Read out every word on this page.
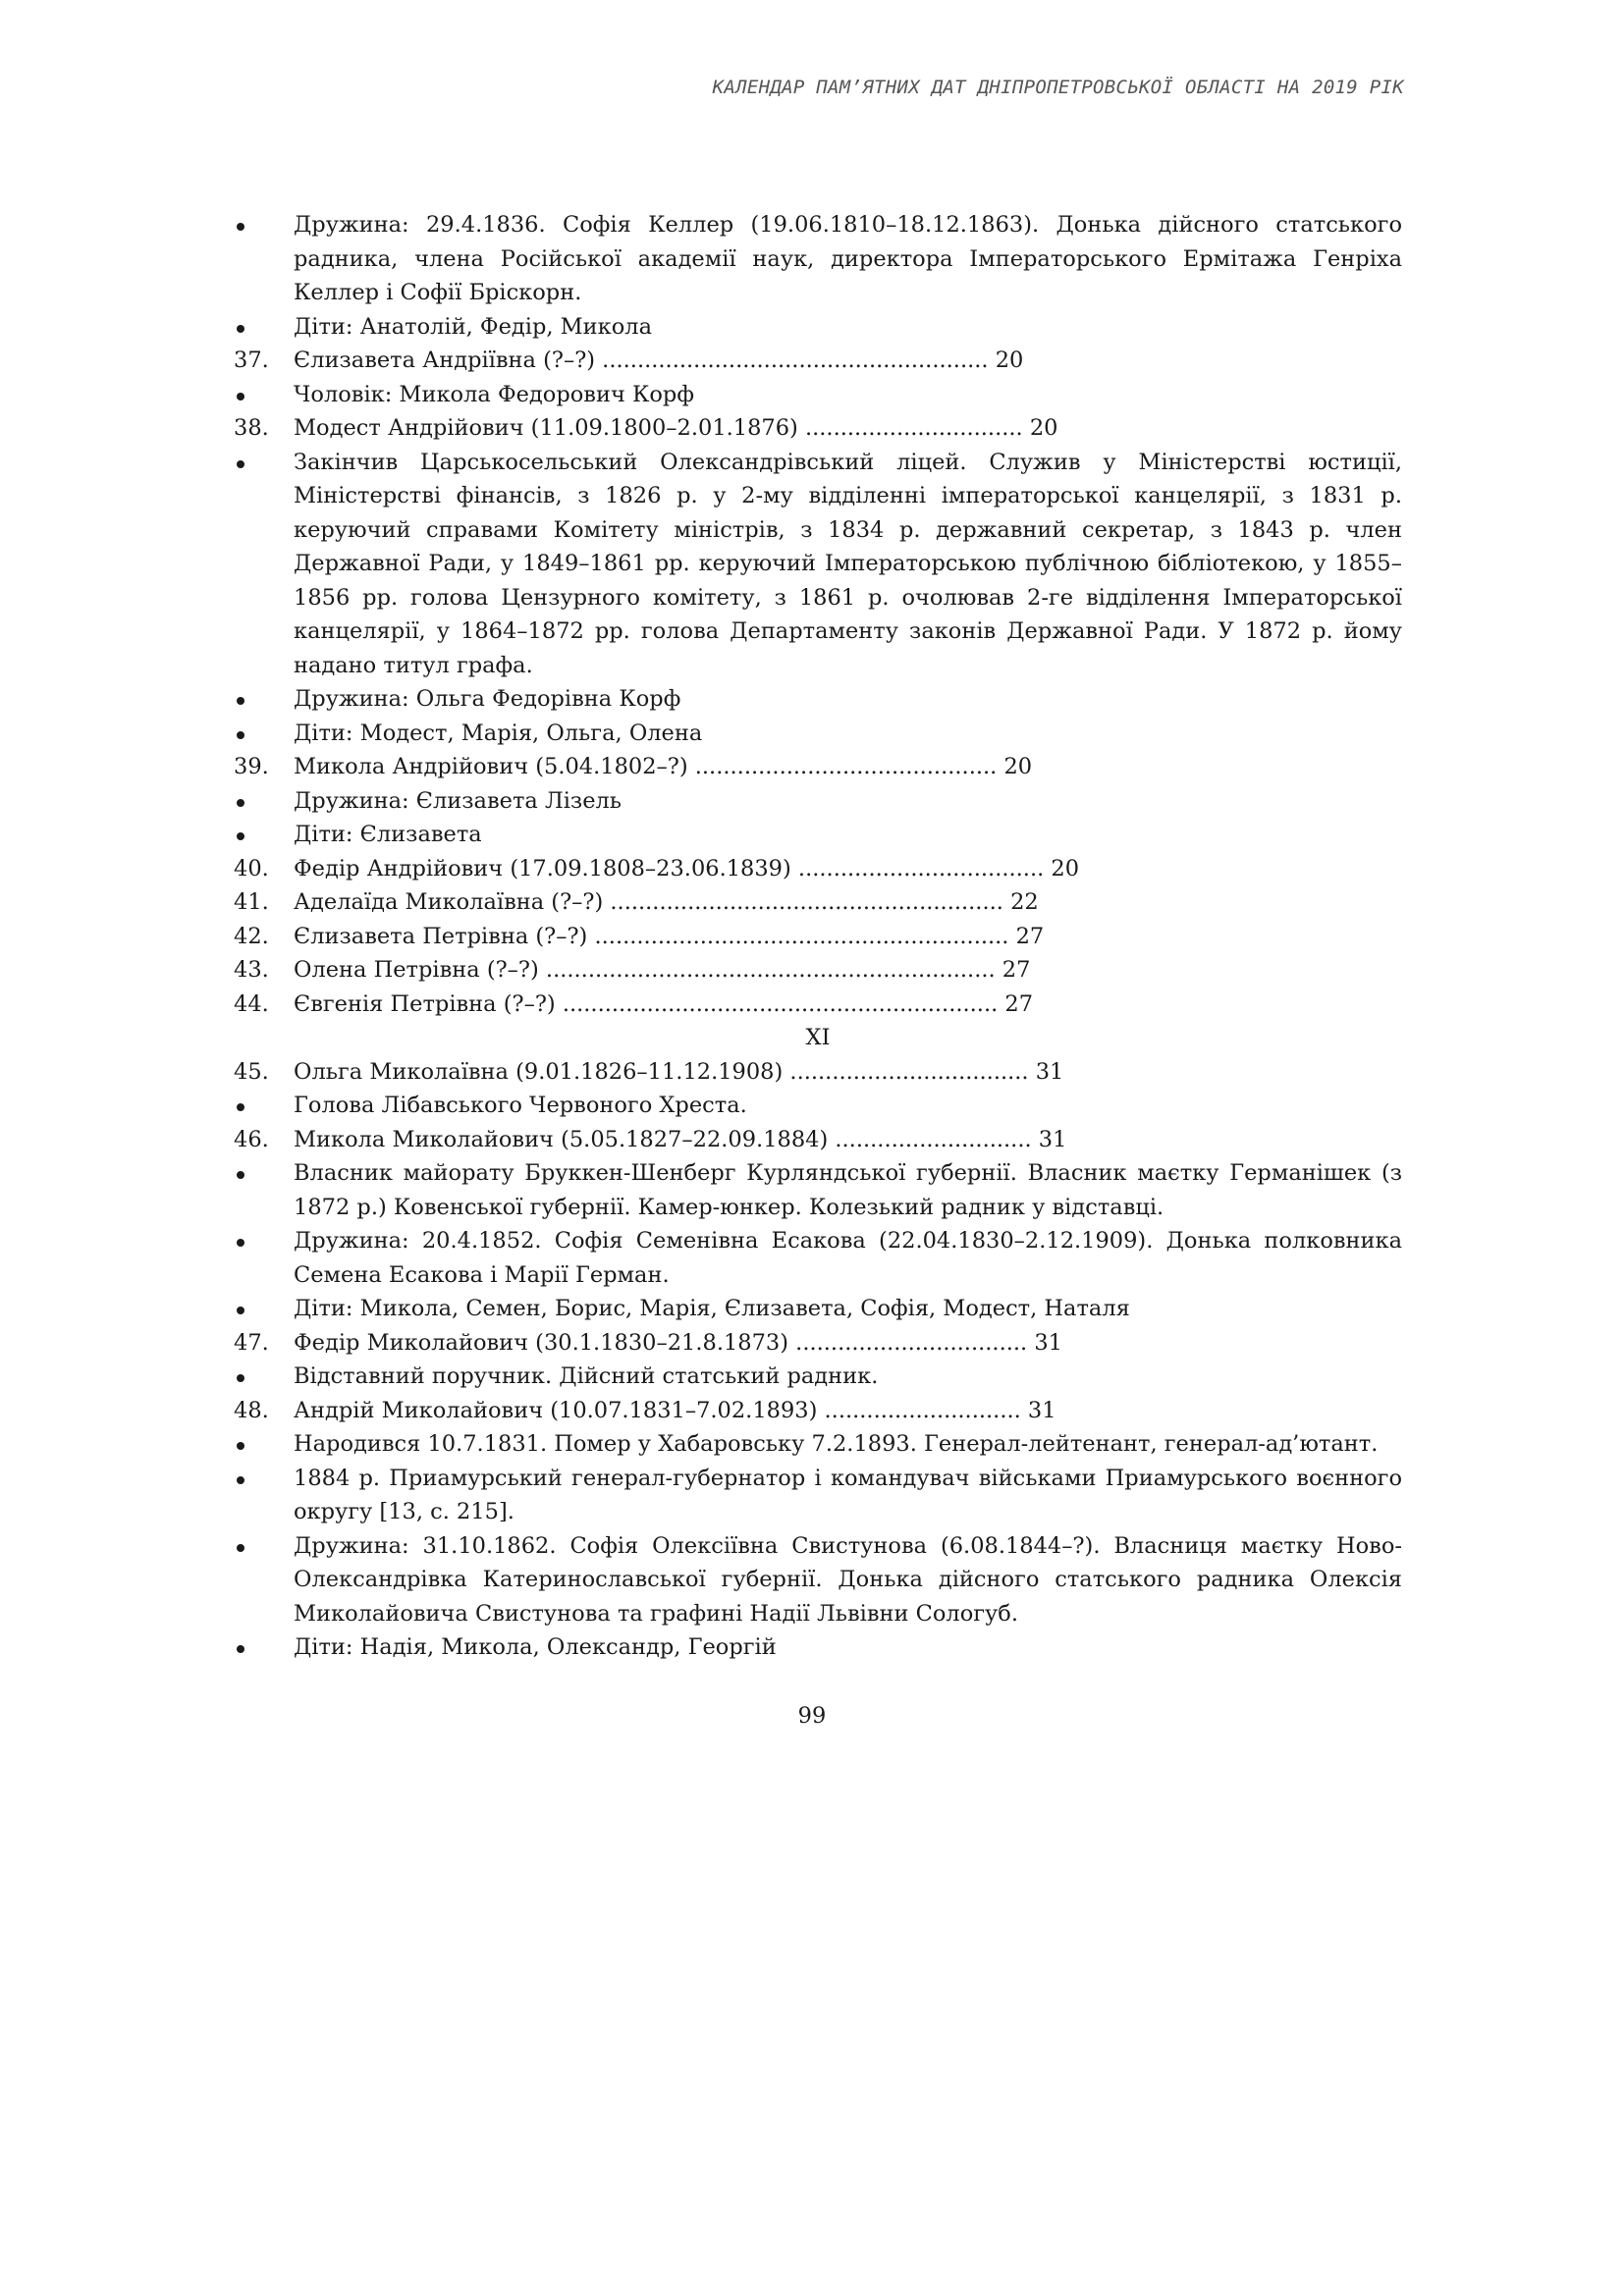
КАЛЕНДАР ПАМ’ЯТНИХ ДАТ ДНІПРОПЕТРОВСЬКОЇ ОБЛАСТІ НА 2019 РІК
Дружина: 29.4.1836. Софія Келлер (19.06.1810–18.12.1863). Донька дійсного статського радника, члена Російської академії наук, директора Імператорського Ермітажа Генріха Келлер і Софії Бріскорн.
Діти: Анатолій, Федір, Микола
37.	Єлизавета Андріївна (?–?) ....................................................... 20
Чоловік: Микола Федорович Корф
38.	Модест Андрійович (11.09.1800–2.01.1876) ............................... 20
Закінчив Царськосельський Олександрівський ліцей. Служив у Міністерстві юстиції, Міністерстві фінансів, з 1826 р. у 2-му відділенні імператорської канцелярії, з 1831 р. керуючий справами Комітету міністрів, з 1834 р. державний секретар, з 1843 р. член Державної Ради, у 1849–1861 рр. керуючий Імператорською публічною бібліотекою, у 1855–1856 рр. голова Цензурного комітету, з 1861 р. очолював 2-ге відділення Імператорської канцелярії, у 1864–1872 рр. голова Департаменту законів Державної Ради. У 1872 р. йому надано титул графа.
Дружина: Ольга Федорівна Корф
Діти: Модест, Марія, Ольга, Олена
39.	Микола Андрійович (5.04.1802–?) ........................................... 20
Дружина: Єлизавета Лізель
Діти: Єлизавета
40.	Федір Андрійович (17.09.1808–23.06.1839) ................................... 20
41.	Аделаїда Миколаївна (?–?) ........................................................ 22
42.	Єлизавета Петрівна (?–?) ........................................................... 27
43.	Олена Петрівна (?–?) ................................................................ 27
44.	Євгенія Петрівна (?–?) .............................................................. 27
XI
45.	Ольга Миколаївна (9.01.1826–11.12.1908) .................................. 31
Голова Лібавського Червоного Хреста.
46.	Микола Миколайович (5.05.1827–22.09.1884) ............................ 31
Власник майорату Бруккен-Шенберг Курляндської губернії. Власник маєтку Германішек (з 1872 р.) Ковенської губернії. Камер-юнкер. Колезький радник у відставці.
Дружина: 20.4.1852. Софія Семенівна Есакова (22.04.1830–2.12.1909). Донька полковника Семена Есакова і Марії Герман.
Діти: Микола, Семен, Борис, Марія, Єлизавета, Софія, Модест, Наталя
47.	Федір Миколайович (30.1.1830–21.8.1873) ................................. 31
Відставний поручник. Дійсний статський радник.
48.	Андрій Миколайович (10.07.1831–7.02.1893) ............................ 31
Народився 10.7.1831. Помер у Хабаровську 7.2.1893. Генерал-лейтенант, генерал-ад’ютант.
1884 р. Приамурський генерал-губернатор і командувач військами Приамурського воєнного округу [13, с. 215].
Дружина: 31.10.1862. Софія Олексіївна Свистунова (6.08.1844–?). Власниця маєтку Ново-Олександрівка Катеринославської губернії. Донька дійсного статського радника Олексія Миколайовича Свистунова та графині Надії Львівни Сологуб.
Діти: Надія, Микола, Олександр, Георгій
99
